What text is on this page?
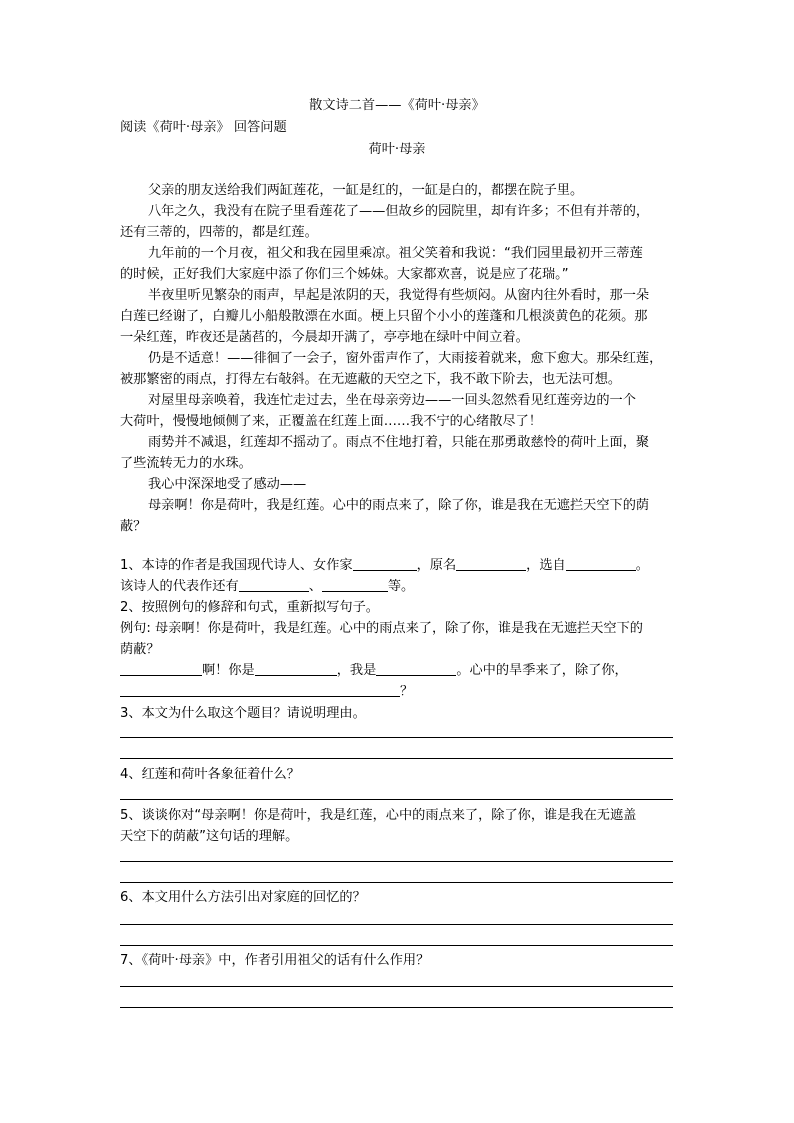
散文诗二首——《荷叶·母亲》
阅读《荷叶·母亲》 回答问题
荷叶·母亲
父亲的朋友送给我们两缸莲花，一缸是红的，一缸是白的，都摆在院子里。
八年之久，我没有在院子里看莲花了——但故乡的园院里，却有许多；不但有并蒂的，
还有三蒂的，四蒂的，都是红莲。
九年前的一个月夜，祖父和我在园里乘凉。祖父笑着和我说：“我们园里最初开三蒂莲
的时候，正好我们大家庭中添了你们三个姊妹。大家都欢喜，说是应了花瑞。”
半夜里听见繁杂的雨声，早起是浓阴的天，我觉得有些烦闷。从窗内往外看时，那一朵
白莲已经谢了，白瓣儿小船般散漂在水面。梗上只留个小小的莲蓬和几根淡黄色的花须。那
一朵红莲，昨夜还是菡萏的，今晨却开满了，亭亭地在绿叶中间立着。
仍是不适意！——徘徊了一会子，窗外雷声作了，大雨接着就来，愈下愈大。那朵红莲，
被那繁密的雨点，打得左右敧斜。在无遮蔽的天空之下，我不敢下阶去，也无法可想。
对屋里母亲唤着，我连忙走过去，坐在母亲旁边——一回头忽然看见红莲旁边的一个
大荷叶，慢慢地倾侧了来，正覆盖在红莲上面……我不宁的心绪散尽了！
雨势并不减退，红莲却不摇动了。雨点不住地打着，只能在那勇敢慈怜的荷叶上面，聚
了些流转无力的水珠。
我心中深深地受了感动——
母亲啊！你是荷叶，我是红莲。心中的雨点来了，除了你，谁是我在无遮拦天空下的荫
蔽？
1、本诗的作者是我国现代诗人、女作家	，原名	，选自	。
该诗人的代表作还有	、	等。
2、按照例句的修辞和句式，重新拟写句子。
例句: 母亲啊！你是荷叶，我是红莲。心中的雨点来了，除了你，谁是我在无遮拦天空下的
荫蔽？
啊！你是	，我是	。心中的旱季来了，除了你，
？
3、本文为什么取这个题目？请说明理由。
4、红莲和荷叶各象征着什么？
5、谈谈你对“母亲啊！你是荷叶，我是红莲，心中的雨点来了，除了你，谁是我在无遮盖
天空下的荫蔽”这句话的理解。
6、本文用什么方法引出对家庭的回忆的？
7、《荷叶·母亲》中，作者引用祖父的话有什么作用？
